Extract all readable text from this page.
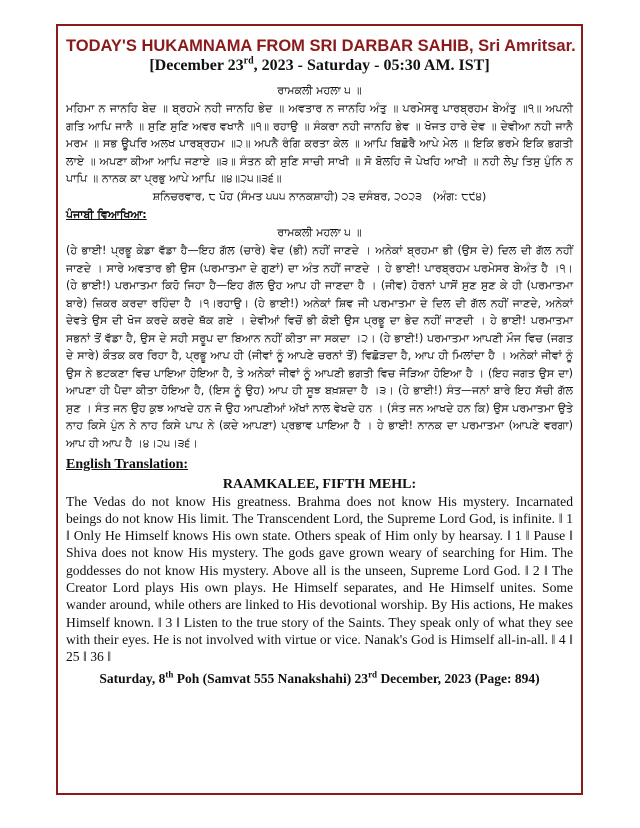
TODAY'S HUKAMNAMA FROM SRI DARBAR SAHIB, Sri Amritsar.

[December 23rd, 2023 - Saturday - 05:30 AM. IST]

ਰਾਮਕਲੀ ਮਹਲਾ ੫ ॥

ਮਹਿਮਾ ਨ ਜਾਨਹਿ ਬੇਦ ॥ ਬ੍ਰਹਮੇ ਨਹੀ ਜਾਨਹਿ ਭੇਦ ॥ ਅਵਤਾਰ ਨ ਜਾਨਹਿ ਅੰਤੁ ॥ ਪਰਮੇਸਰੁ ਪਾਰਬ੍ਰਹਮ ਬੇਅੰਤੁ ॥੧॥ ਅਪਨੀ ਗਤਿ ਆਪਿ ਜਾਨੈ ॥ ਸੁਣਿ ਸੁਣਿ ਅਵਰ ਵਖਾਨੈ ॥੧॥ ਰਹਾਉ ॥ ਸੰਕਰਾ ਨਹੀ ਜਾਨਹਿ ਭੇਵ ॥ ਖੋਜਤ ਹਾਰੇ ਦੇਵ ॥ ਦੇਵੀਆ ਨਹੀ ਜਾਨੈ ਮਰਮ ॥ ਸਭ ਊਪਰਿ ਅਲਖ ਪਾਰਬ੍ਰਹਮ ॥੨॥ ਅਪਨੈ ਰੰਗਿ ਕਰਤਾ ਕੇਲ ॥ ਆਪਿ ਬਿਛੋਰੈ ਆਪੇ ਮੇਲ ॥ ਇਕਿ ਭਰਮੇ ਇਕਿ ਭਗਤੀ ਲਾਏ ॥ ਅਪਣਾ ਕੀਆ ਆਪਿ ਜਣਾਏ ॥੩॥ ਸੰਤਨ ਕੀ ਸੁਣਿ ਸਾਚੀ ਸਾਖੀ ॥ ਸੋ ਬੋਲਹਿ ਜੋ ਪੇਖਹਿ ਆਖੀ ॥ ਨਹੀ ਲੇਪੁ ਤਿਸੁ ਪੁੰਨਿ ਨ ਪਾਪਿ ॥ ਨਾਨਕ ਕਾ ਪ੍ਰਭੁ ਆਪੇ ਆਪਿ ॥੪॥੨੫॥੩੬॥

ਸ਼ਨਿਚਰਵਾਰ, ੮ ਪੋਹ (ਸੰਮਤ ੫੫੫ ਨਾਨਕਸ਼ਾਹੀ) ੨੩ ਦਸੰਬਰ, ੨੦੨੩ (ਅੰਗ: ੮੯੪)

ਪੰਜਾਬੀ ਵਿਆਖਿਆ:

ਰਾਮਕਲੀ ਮਹਲਾ ੫ ॥

(ਹੇ ਭਾਈ! ਪ੍ਰਭੂ ਕੇਡਾ ਵੱਡਾ ਹੈ—ਇਹ ਗੱਲ (ਚਾਰੇ) ਵੇਦ (ਭੀ) ਨਹੀਂ ਜਾਣਦੇ । ਅਨੇਕਾਂ ਬ੍ਰਹਮਾ ਭੀ (ਉਸ ਦੇ) ਦਿਲ ਦੀ ਗੱਲ ਨਹੀਂ ਜਾਣਦੇ । ਸਾਰੇ ਅਵਤਾਰ ਭੀ ਉਸ (ਪਰਮਾਤਮਾ ਦੇ ਗੁਣਾਂ) ਦਾ ਅੰਤ ਨਹੀਂ ਜਾਣਦੇ । ਹੇ ਭਾਈ! ਪਾਰਬ੍ਰਹਮ ਪਰਮੇਸਰ ਬੇਅੰਤ ਹੈ ।੧। (ਹੇ ਭਾਈ!) ਪਰਮਾਤਮਾ ਕਿਹੋ ਜਿਹਾ ਹੈ—ਇਹ ਗੱਲ ਉਹ ਆਪ ਹੀ ਜਾਣਦਾ ਹੈ । (ਜੀਵ) ਹੋਰਨਾਂ ਪਾਸੋਂ ਸੁਣ ਸੁਣ ਕੇ ਹੀ (ਪਰਮਾਤਮਾ ਬਾਰੇ) ਜ਼ਿਕਰ ਕਰਦਾ ਰਹਿੰਦਾ ਹੈ ।੧।ਰਹਾਉ। (ਹੇ ਭਾਈ!) ਅਨੇਕਾਂ ਸ਼ਿਵ ਜੀ ਪਰਮਾਤਮਾ ਦੇ ਦਿਲ ਦੀ ਗੱਲ ਨਹੀਂ ਜਾਣਦੇ, ਅਨੇਕਾਂ ਦੇਵਤੇ ਉਸ ਦੀ ਖੋਜ ਕਰਦੇ ਕਰਦੇ ਥੱਕ ਗਏ । ਦੇਵੀਆਂ ਵਿਚੋਂ ਭੀ ਕੋਈ ਉਸ ਪ੍ਰਭੂ ਦਾ ਭੇਦ ਨਹੀਂ ਜਾਣਦੀ । ਹੇ ਭਾਈ! ਪਰਮਾਤਮਾ ਸਭਨਾਂ ਤੋਂ ਵੱਡਾ ਹੈ, ਉਸ ਦੇ ਸਹੀ ਸਰੂਪ ਦਾ ਬਿਆਨ ਨਹੀਂ ਕੀਤਾ ਜਾ ਸਕਦਾ ।੨। (ਹੇ ਭਾਈ!) ਪਰਮਾਤਮਾ ਆਪਣੀ ਮੌਜ ਵਿਚ (ਜਗਤ ਦੇ ਸਾਰੇ) ਕੌਤਕ ਕਰ ਰਿਹਾ ਹੈ, ਪ੍ਰਭੂ ਆਪ ਹੀ (ਜੀਵਾਂ ਨੂੰ ਆਪਣੇ ਚਰਨਾਂ ਤੋਂ) ਵਿਛੋੜਦਾ ਹੈ, ਆਪ ਹੀ ਮਿਲਾਂਦਾ ਹੈ । ਅਨੇਕਾਂ ਜੀਵਾਂ ਨੂੰ ਉਸ ਨੇ ਭਟਕਣਾ ਵਿਚ ਪਾਇਆ ਹੋਇਆ ਹੈ, ਤੇ ਅਨੇਕਾਂ ਜੀਵਾਂ ਨੂੰ ਆਪਣੀ ਭਗਤੀ ਵਿਚ ਜੋੜਿਆ ਹੋਇਆ ਹੈ । (ਇਹ ਜਗਤ ਉਸ ਦਾ) ਆਪਣਾ ਹੀ ਪੈਦਾ ਕੀਤਾ ਹੋਇਆ ਹੈ, (ਇਸ ਨੂੰ ਉਹ) ਆਪ ਹੀ ਸੂਝ ਬਖ਼ਸ਼ਦਾ ਹੈ ।੩। (ਹੇ ਭਾਈ!) ਸੰਤ—ਜਨਾਂ ਬਾਰੇ ਇਹ ਸੱਚੀ ਗੱਲ ਸੁਣ । ਸੰਤ ਜਨ ਉਹ ਕੁਝ ਆਖਦੇ ਹਨ ਜੋ ਉਹ ਆਪਣੀਆਂ ਅੱਖਾਂ ਨਾਲ ਵੇਖਦੇ ਹਨ । (ਸੰਤ ਜਨ ਆਖਦੇ ਹਨ ਕਿ) ਉਸ ਪਰਮਾਤਮਾ ਉਤੇ ਨਾਹ ਕਿਸੇ ਪੁੰਨ ਨੇ ਨਾਹ ਕਿਸੇ ਪਾਪ ਨੇ (ਕਦੇ ਆਪਣਾ) ਪ੍ਰਭਾਵ ਪਾਇਆ ਹੈ । ਹੇ ਭਾਈ! ਨਾਨਕ ਦਾ ਪਰਮਾਤਮਾ (ਆਪਣੇ ਵਰਗਾ) ਆਪ ਹੀ ਆਪ ਹੈ ।੪।੨੫।੩੬।

English Translation:

RAAMKALEE, FIFTH MEHL:

The Vedas do not know His greatness. Brahma does not know His mystery. Incarnated beings do not know His limit. The Transcendent Lord, the Supreme Lord God, is infinite. ‖ 1 ‖ Only He Himself knows His own state. Others speak of Him only by hearsay. ‖ 1 ‖ Pause ‖ Shiva does not know His mystery. The gods gave grown weary of searching for Him. The goddesses do not know His mystery. Above all is the unseen, Supreme Lord God. ‖ 2 ‖ The Creator Lord plays His own plays. He Himself separates, and He Himself unites. Some wander around, while others are linked to His devotional worship. By His actions, He makes Himself known. ‖ 3 ‖ Listen to the true story of the Saints. They speak only of what they see with their eyes. He is not involved with virtue or vice. Nanak's God is Himself all-in-all. ‖ 4 ‖ 25 ‖ 36 ‖

Saturday, 8th Poh (Samvat 555 Nanakshahi) 23rd December, 2023 (Page: 894)
